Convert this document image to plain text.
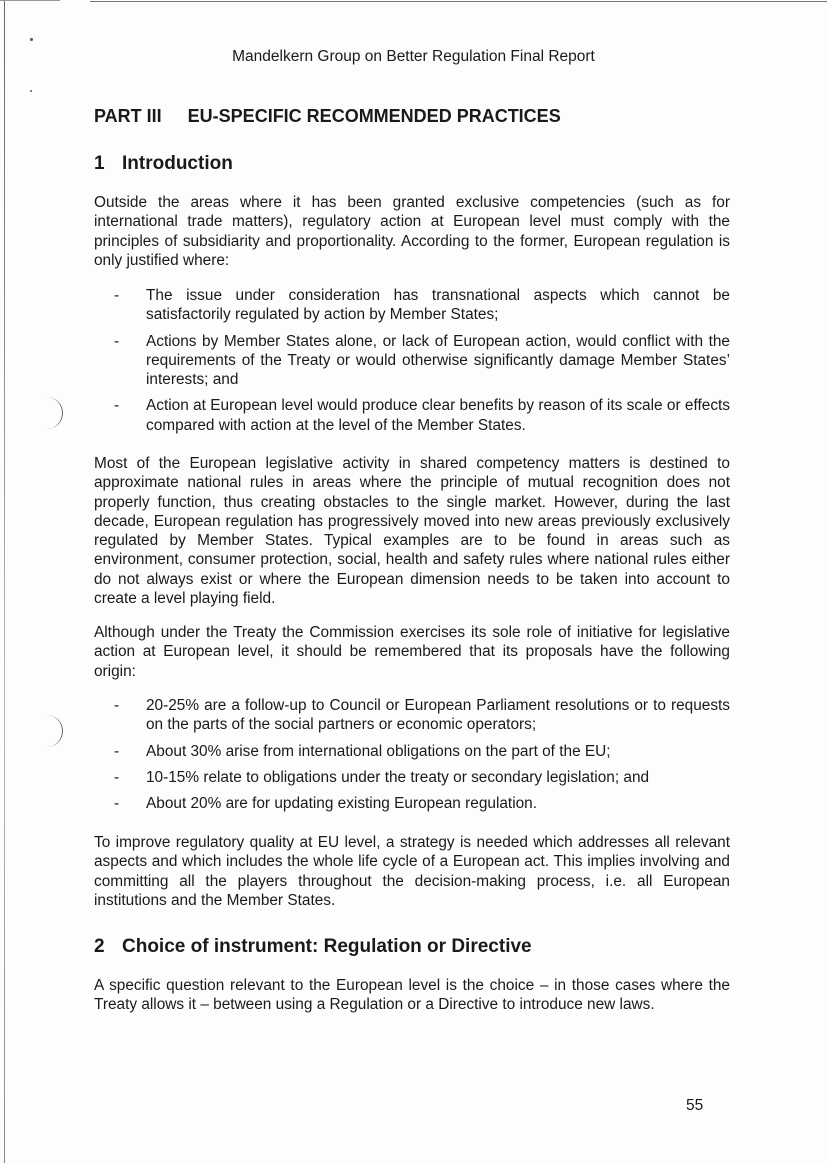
Mandelkern Group on Better Regulation Final Report
PART III EU-SPECIFIC RECOMMENDED PRACTICES
1 Introduction

Outside the areas where it has been granted exclusive competencies (such as for international trade matters), regulatory action at European level must comply with the principles of subsidiarity and proportionality. According to the former, European regulation is only justified where:

- The issue under consideration has transnational aspects which cannot be satisfactorily regulated by action by Member States;
- Actions by Member States alone, or lack of European action, would conflict with the requirements of the Treaty or would otherwise significantly damage Member States’ interests; and
- Action at European level would produce clear benefits by reason of its scale or effects compared with action at the level of the Member States.

Most of the European legislative activity in shared competency matters is destined to approximate national rules in areas where the principle of mutual recognition does not properly function, thus creating obstacles to the single market. However, during the last decade, European regulation has progressively moved into new areas previously exclusively regulated by Member States. Typical examples are to be found in areas such as environment, consumer protection, social, health and safety rules where national rules either do not always exist or where the European dimension needs to be taken into account to create a level playing field.

Although under the Treaty the Commission exercises its sole role of initiative for legislative action at European level, it should be remembered that its proposals have the following origin:

- 20-25% are a follow-up to Council or European Parliament resolutions or to requests on the parts of the social partners or economic operators;
- About 30% arise from international obligations on the part of the EU;
- 10-15% relate to obligations under the treaty or secondary legislation; and
- About 20% are for updating existing European regulation.

To improve regulatory quality at EU level, a strategy is needed which addresses all relevant aspects and which includes the whole life cycle of a European act. This implies involving and committing all the players throughout the decision-making process, i.e. all European institutions and the Member States.

2 Choice of instrument: Regulation or Directive

A specific question relevant to the European level is the choice – in those cases where the Treaty allows it – between using a Regulation or a Directive to introduce new laws.

55
